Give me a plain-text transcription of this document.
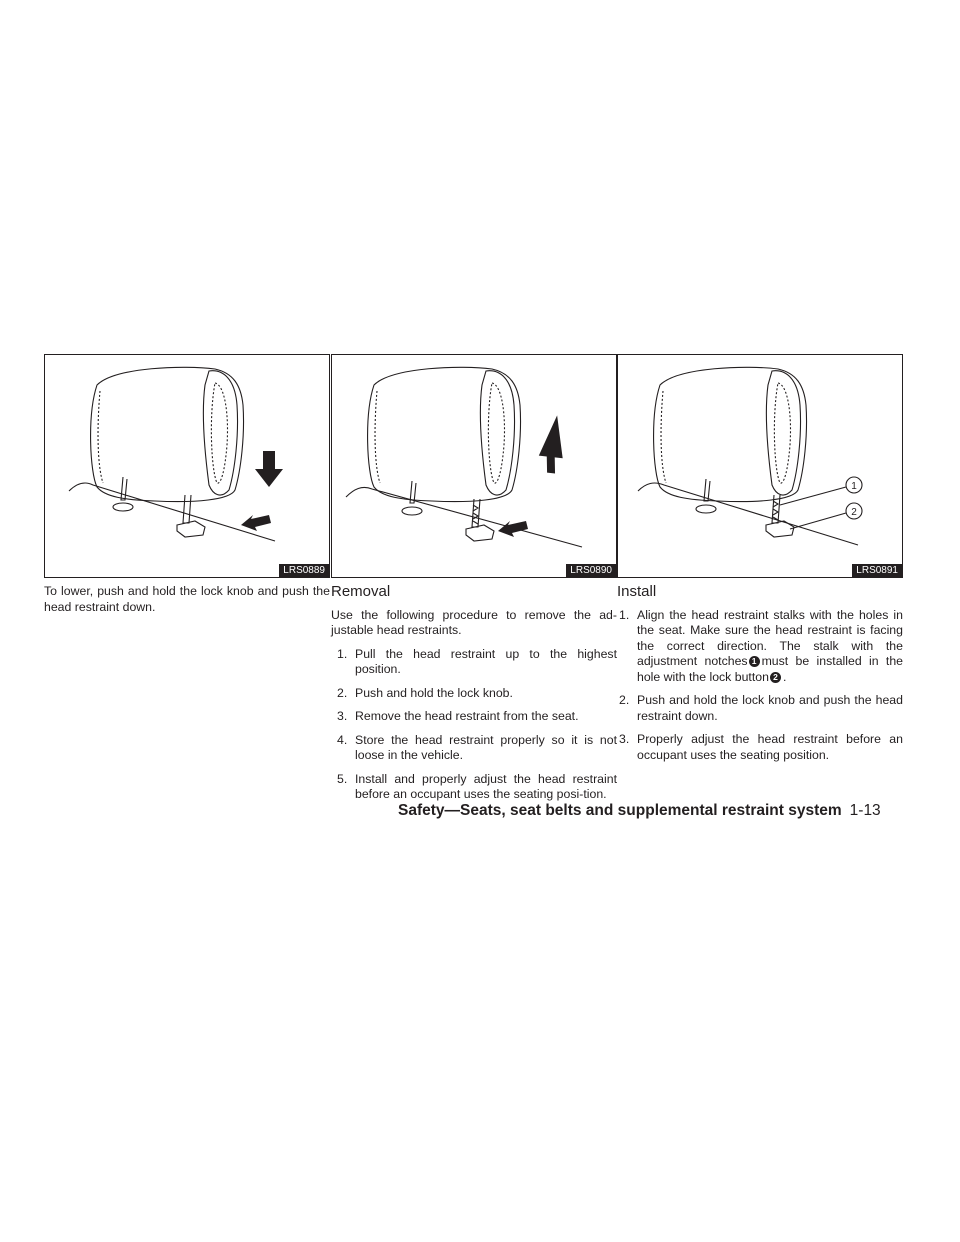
LRS0889

To lower, push and hold the lock knob and push the head restraint down.

LRS0890
Removal

Use the following procedure to remove the ad-justable head restraints.

1. Pull the head restraint up to the highest position.
2. Push and hold the lock knob.
3. Remove the head restraint from the seat.
4. Store the head restraint properly so it is not loose in the vehicle.
5. Install and properly adjust the head restraint before an occupant uses the seating posi-tion.
1
2
LRS0891
Install
1. Align the head restraint stalks with the holes in the seat. Make sure the head restraint is facing the correct direction. The stalk with the adjustment notches 1 must be installed in the hole with the lock button 2 .
2. Push and hold the lock knob and push the head restraint down.
3. Properly adjust the head restraint before an occupant uses the seating position.
Safety—Seats, seat belts and supplemental restraint system 1-13
